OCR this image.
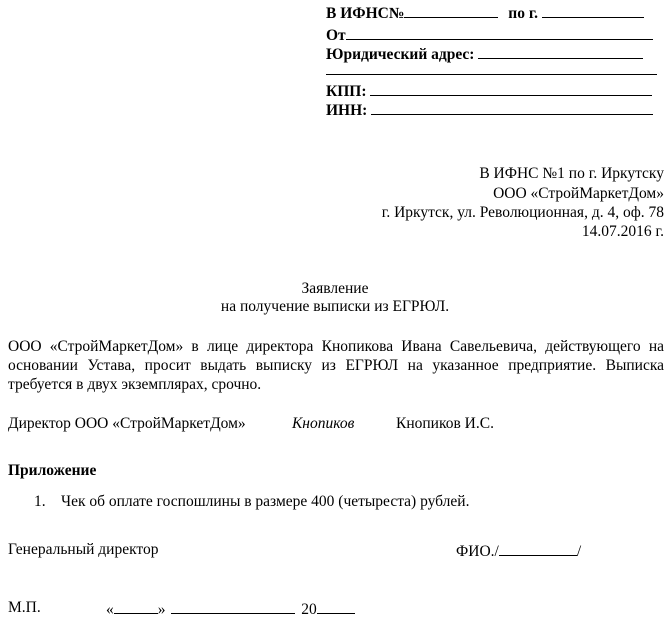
В ИФНС№	по г.
От
Юридический адрес:
КПП:
ИНН:
В ИФНС №1 по г. Иркутску
ООО «СтройМаркетДом»
г. Иркутск, ул. Революционная, д. 4, оф. 78
14.07.2016 г.
Заявление
на получение выписки из ЕГРЮЛ.
ООО «СтройМаркетДом» в лице директора Кнопикова Ивана Савельевича, действующего на основании Устава, просит выдать выписку из ЕГРЮЛ на указанное предприятие. Выписка требуется в двух экземплярах, срочно.
Директор ООО «СтройМаркетДом»	Кнопиков	Кнопиков И.С.
Приложение
1. Чек об оплате госпошлины в размере 400 (четыреста) рублей.
Генеральный директор	ФИО./	/
М.П.	«	»	20
